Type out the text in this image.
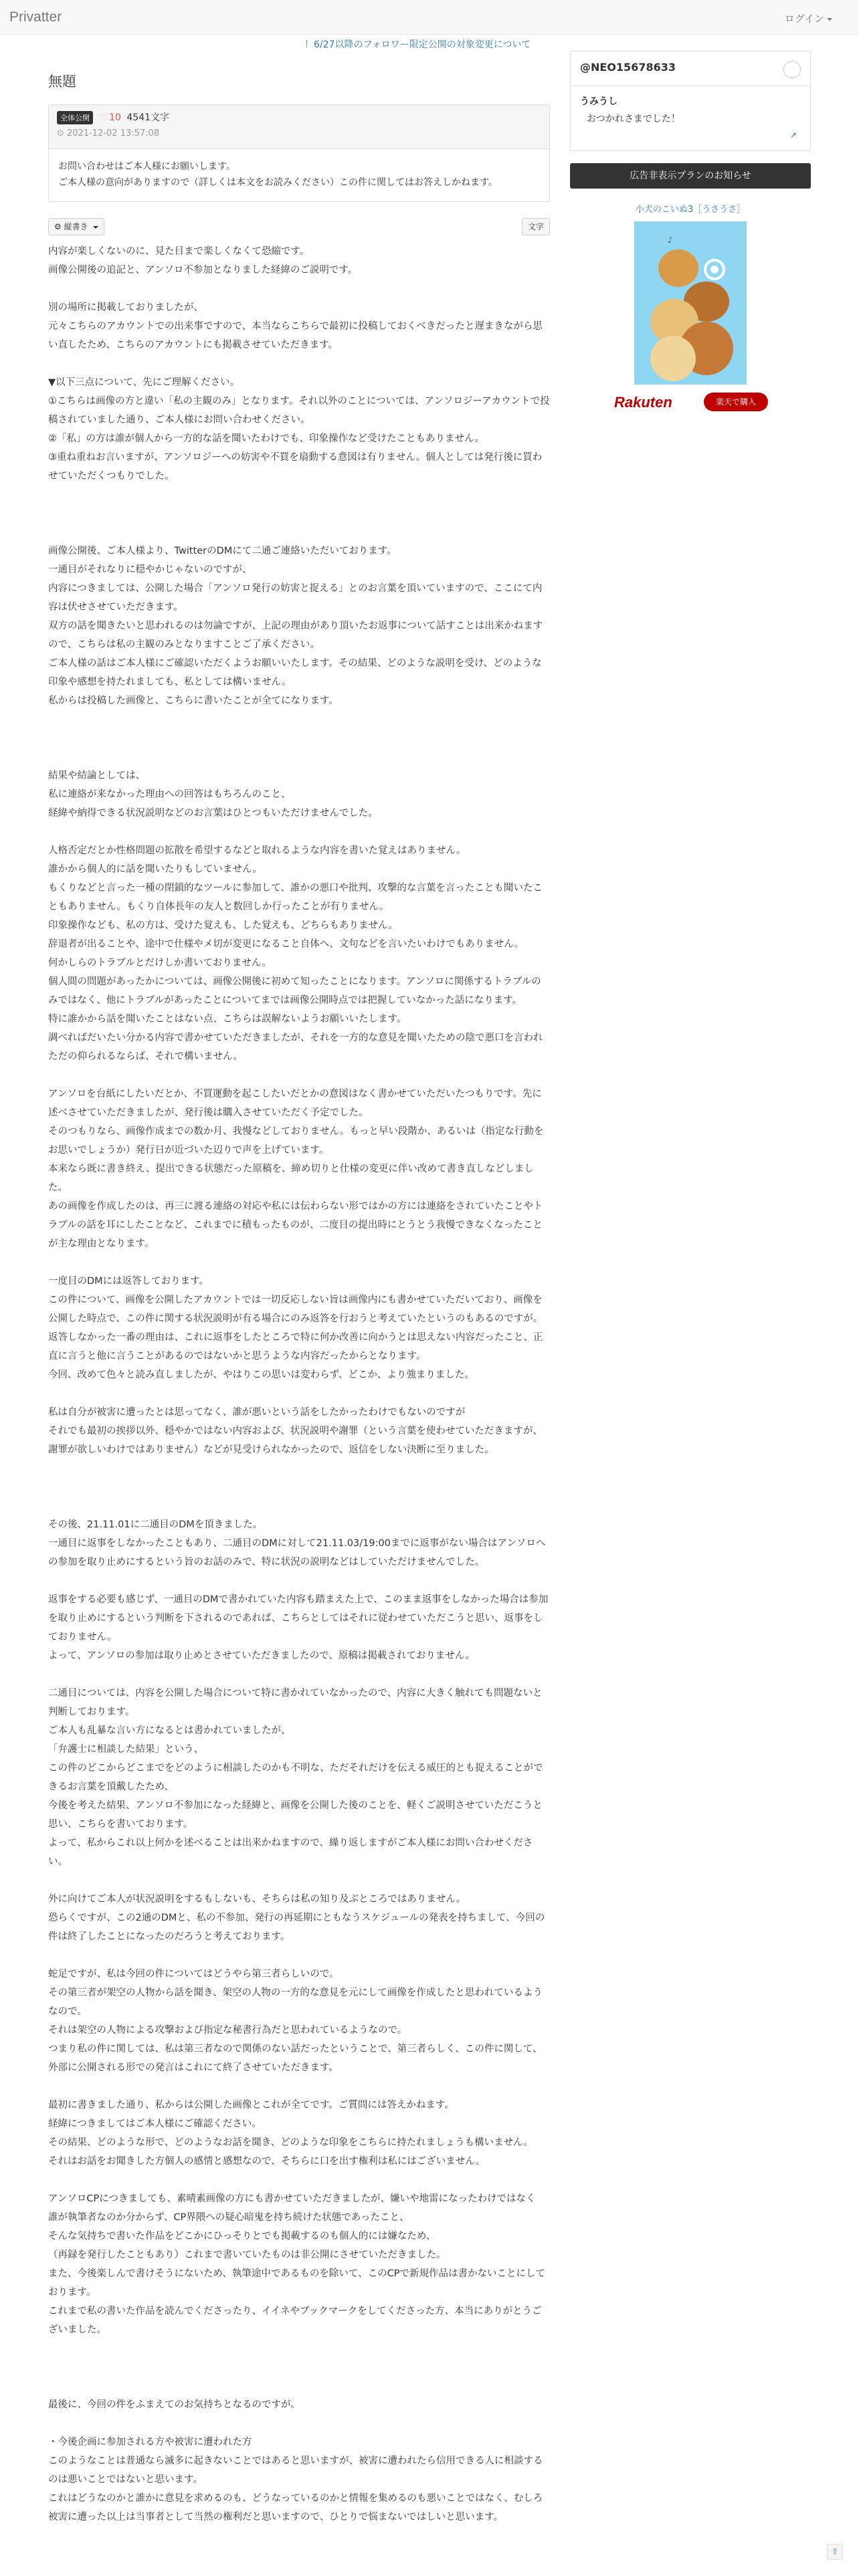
Privatter	ログイン
！6/27以降のフォロワー限定公開の対象変更について
無題
全体公開 ♡ 10 4541文字
⊙ 2021-12-02 13:57:08

お問い合わせはご本人様にお願いします。

ご本人様の意向がありますので（詳しくは本文をお読みください）この件に関してはお答えしかねます。

⚙ 縦書き	文字

内容が楽しくないのに、見た目まで楽しくなくて恐縮です。

画像公開後の追記と、アンソロ不参加となりました経緯のご説明です。

別の場所に掲載しておりましたが、

元々こちらのアカウントでの出来事ですので、本当ならこちらで最初に投稿しておくべきだったと遅まきながら思い直したため、こちらのアカウントにも掲載させていただきます。

▼以下三点について、先にご理解ください。

①こちらは画像の方と違い「私の主観のみ」となります。それ以外のことについては、アンソロジーアカウントで投稿されていました通り、ご本人様にお問い合わせください。

②「私」の方は誰が個人から一方的な話を聞いたわけでも、印象操作など受けたこともありません。

③重ね重ねお言いますが、アンソロジーへの妨害や不買を扇動する意図は有りません。個人としては発行後に買わせていただくつもりでした。

画像公開後、ご本人様より、TwitterのDMにて二通ご連絡いただいております。

一通目がそれなりに穏やかじゃないのですが、

内容につきましては、公開した場合「アンソロ発行の妨害と捉える」とのお言葉を頂いていますので、ここにて内容は伏せさせていただきます。

双方の話を聞きたいと思われるのは勿論ですが、上記の理由があり頂いたお返事について話すことは出来かねますので、こちらは私の主観のみとなりますことご了承ください。

ご本人様の話はご本人様にご確認いただくようお願いいたします。その結果、どのような説明を受け、どのような印象や感想を持たれましても、私としては構いません。

私からは投稿した画像と、こちらに書いたことが全てになります。

結果や結論としては、

私に連絡が来なかった理由への回答はもちろんのこと、

経緯や納得できる状況説明などのお言葉はひとつもいただけませんでした。

人格否定だとか性格問題の拡散を希望するなどと取れるような内容を書いた覚えはありません。

誰かから個人的に話を聞いたりもしていません。

もくりなどと言った一種の閉鎖的なツールに参加して、誰かの悪口や批判、攻撃的な言葉を言ったことも聞いたこともありません。もくり自体長年の友人と数回しか行ったことが有りません。

印象操作なども、私の方は、受けた覚えも、した覚えも、どちらもありません。

辞退者が出ることや、途中で仕様やメ切が変更になること自体へ、文句などを言いたいわけでもありません。

何かしらのトラブルとだけしか書いておりません。

個人間の問題があったかについては、画像公開後に初めて知ったことになります。アンソロに関係するトラブルのみではなく、他にトラブルがあったことについてまでは画像公開時点では把握していなかった話になります。

特に誰かから話を聞いたことはない点、こちらは誤解ないようお願いいたします。

調べればだいたい分かる内容で書かせていただきましたが、それを一方的な意見を聞いたための陰で悪口を言われただの仰られるならば、それで構いません。

アンソロを台紙にしたいだとか、不買運動を起こしたいだとかの意図はなく書かせていただいたつもりです。先に述べさせていただきましたが、発行後は購入させていただく予定でした。

そのつもりなら、画像作成までの数か月、我慢などしておりません。もっと早い段階か、あるいは（指定な行動をお思いでしょうか）発行日が近づいた辺りで声を上げています。

本来なら既に書き終え、提出できる状態だった原稿を、締め切りと仕様の変更に伴い改めて書き直しなどしました。

あの画像を作成したのは、再三に渡る連絡の対応や私には伝わらない形ではかの方には連絡をされていたことやトラブルの話を耳にしたことなど、これまでに積もったものが、二度目の提出時にとうとう我慢できなくなったことが主な理由となります。

一度目のDMには返答しております。

この件について、画像を公開したアカウントでは一切反応しない旨は画像内にも書かせていただいており、画像を公開した時点で、この件に関する状況説明が有る場合にのみ返答を行おうと考えていたというのもあるのですが。

返答しなかった一番の理由は、これに返事をしたところで特に何か改善に向かうとは思えない内容だったこと、正直に言うと他に言うことがあるのではないかと思うような内容だったからとなります。

今回、改めて色々と読み直しましたが、やはりこの思いは変わらず、どこか、より強まりました。

私は自分が被害に遭ったとは思ってなく、誰が悪いという話をしたかったわけでもないのですが

それでも最初の挨拶以外、穏やかではない内容および、状況説明や謝罪（という言葉を使わせていただきますが、謝罪が欲しいわけではありません）などが見受けられなかったので、返信をしない決断に至りました。

その後、21.11.01に二通目のDMを頂きました。

一通目に返事をしなかったこともあり、二通目のDMに対して21.11.03/19:00までに返事がない場合はアンソロへの参加を取り止めにするという旨のお話のみで、特に状況の説明などはしていただけませんでした。

返事をする必要も感じず、一通目のDMで書かれていた内容も踏まえた上で、このまま返事をしなかった場合は参加を取り止めにするという判断を下されるのであれば、こちらとしてはそれに従わせていただこうと思い、返事をしておりません。

よって、アンソロの参加は取り止めとさせていただきましたので、原稿は掲載されておりません。

二通目については、内容を公開した場合について特に書かれていなかったので、内容に大きく触れても問題ないと判断しております。

ご本人も乱暴な言い方になるとは書かれていましたが、

「弁護士に相談した結果」という、

この件のどこからどこまでをどのように相談したのかも不明な、ただそれだけを伝える威圧的とも捉えることができるお言葉を頂戴したため、

今後を考えた結果、アンソロ不参加になった経緯と、画像を公開した後のことを、軽くご説明させていただこうと思い、こちらを書いております。

よって、私からこれ以上何かを述べることは出来かねますので、繰り返しますがご本人様にお問い合わせください。

外に向けてご本人が状況説明をするもしないも、そちらは私の知り及ぶところではありません。

恐らくですが、この2通のDMと、私の不参加、発行の再延期にともなうスケジュールの発表を持ちまして、今回の件は終了したことになったのだろうと考えております。

蛇足ですが、私は今回の件についてはどうやら第三者らしいので。

その第三者が架空の人物から話を聞き、架空の人物の一方的な意見を元にして画像を作成したと思われているようなので。

それは架空の人物による攻撃および指定な秘書行為だと思われているようなので。

つまり私の件に関しては、私は第三者なので関係のない話だったということで、第三者らしく、この件に関して、外部に公開される形での発言はこれにて終了させていただきます。

最初に書きました通り、私からは公開した画像とこれが全てです。ご質問には答えかねます。

経緯につきましてはご本人様にご確認ください。

その結果、どのような形で、どのようなお話を聞き、どのような印象をこちらに持たれましょうも構いません。

それはお話をお聞きした方個人の感情と感想なので、そちらに口を出す権利は私にはございません。

アンソロCPにつきましても、素晴素画像の方にも書かせていただきましたが、嫌いや地雷になったわけではなく

誰が執筆者なのか分からず、CP界隈への疑心暗鬼を持ち続けた状態であったこと、

そんな気持ちで書いた作品をどこかにひっそりとでも掲載するのも個人的には嫌なため、

（再録を発行したこともあり）これまで書いていたものは非公開にさせていただきました。

また、今後楽しんで書けそうにないため、執筆途中であるものを除いて、このCPで新規作品は書かないことにしております。

これまで私の書いた作品を読んでくださったり、イイネやブックマークをしてくださった方、本当にありがとうございました。

最後に、今回の件をふまえてのお気持ちとなるのですが。

・今後企画に参加される方や被害に遭われた方

このようなことは普通なら滅多に起きないことではあると思いますが、被害に遭われたら信用できる人に相談するのは悪いことではないと思います。

これはどうなのかと誰かに意見を求めるのも、どうなっているのかと情報を集めるのも悪いことではなく、むしろ被害に遭った以上は当事者として当然の権利だと思いますので、ひとりで悩まないではしいと思います。

@NEO15678633
うみうし
おつかれさまでした！
↗
広告非表示プランのお知らせ
小犬のこいぬ3［うさうさ］
♪
Rakuten	楽天で購入
⇧
